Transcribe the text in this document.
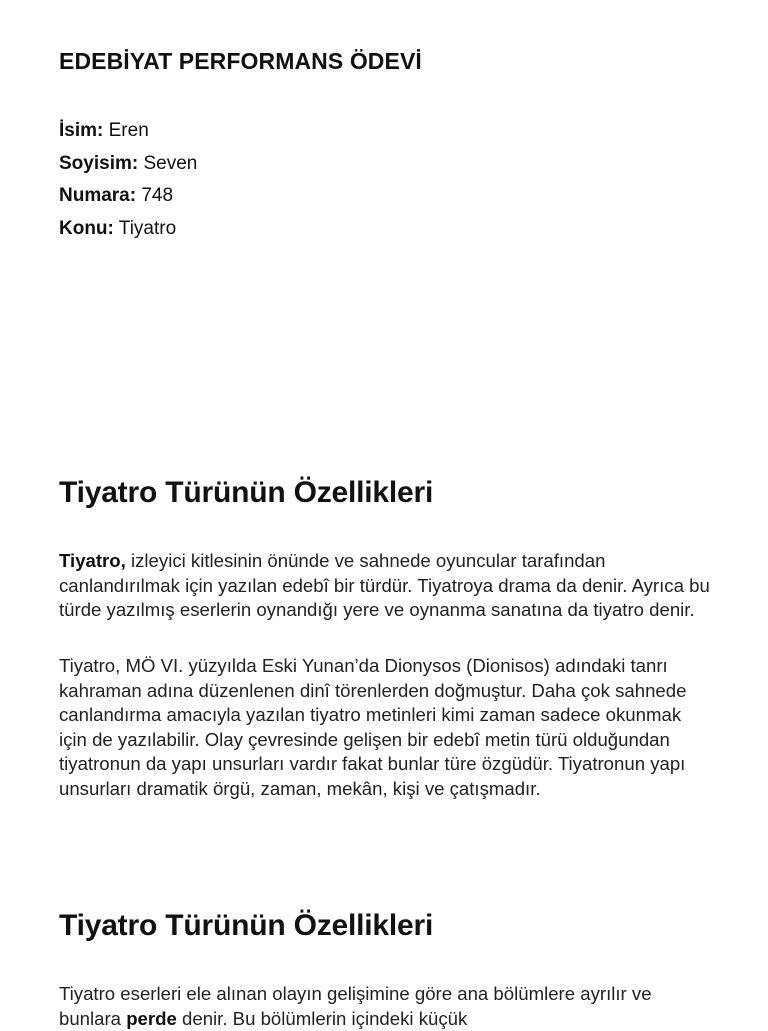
EDEBİYAT PERFORMANS ÖDEVİ
İsim: Eren
Soyisim: Seven
Numara: 748
Konu: Tiyatro
Tiyatro Türünün Özellikleri

Tiyatro, izleyici kitlesinin önünde ve sahnede oyuncular tarafından canlandırılmak için yazılan edebî bir türdür. Tiyatroya drama da denir. Ayrıca bu türde yazılmış eserlerin oynandığı yere ve oynanma sanatına da tiyatro denir.

Tiyatro, MÖ VI. yüzyılda Eski Yunan’da Dionysos (Dionisos) adındaki tanrı kahraman adına düzenlenen dinî törenlerden doğmuştur. Daha çok sahnede canlandırma amacıyla yazılan tiyatro metinleri kimi zaman sadece okunmak için de yazılabilir. Olay çevresinde gelişen bir edebî metin türü olduğundan tiyatronun da yapı unsurları vardır fakat bunlar türe özgüdür. Tiyatronun yapı unsurları dramatik örgü, zaman, mekân, kişi ve çatışmadır.

Tiyatro Türünün Özellikleri

Tiyatro eserleri ele alınan olayın gelişimine göre ana bölümlere ayrılır ve bunlara perde denir. Bu bölümlerin içindeki küçük
